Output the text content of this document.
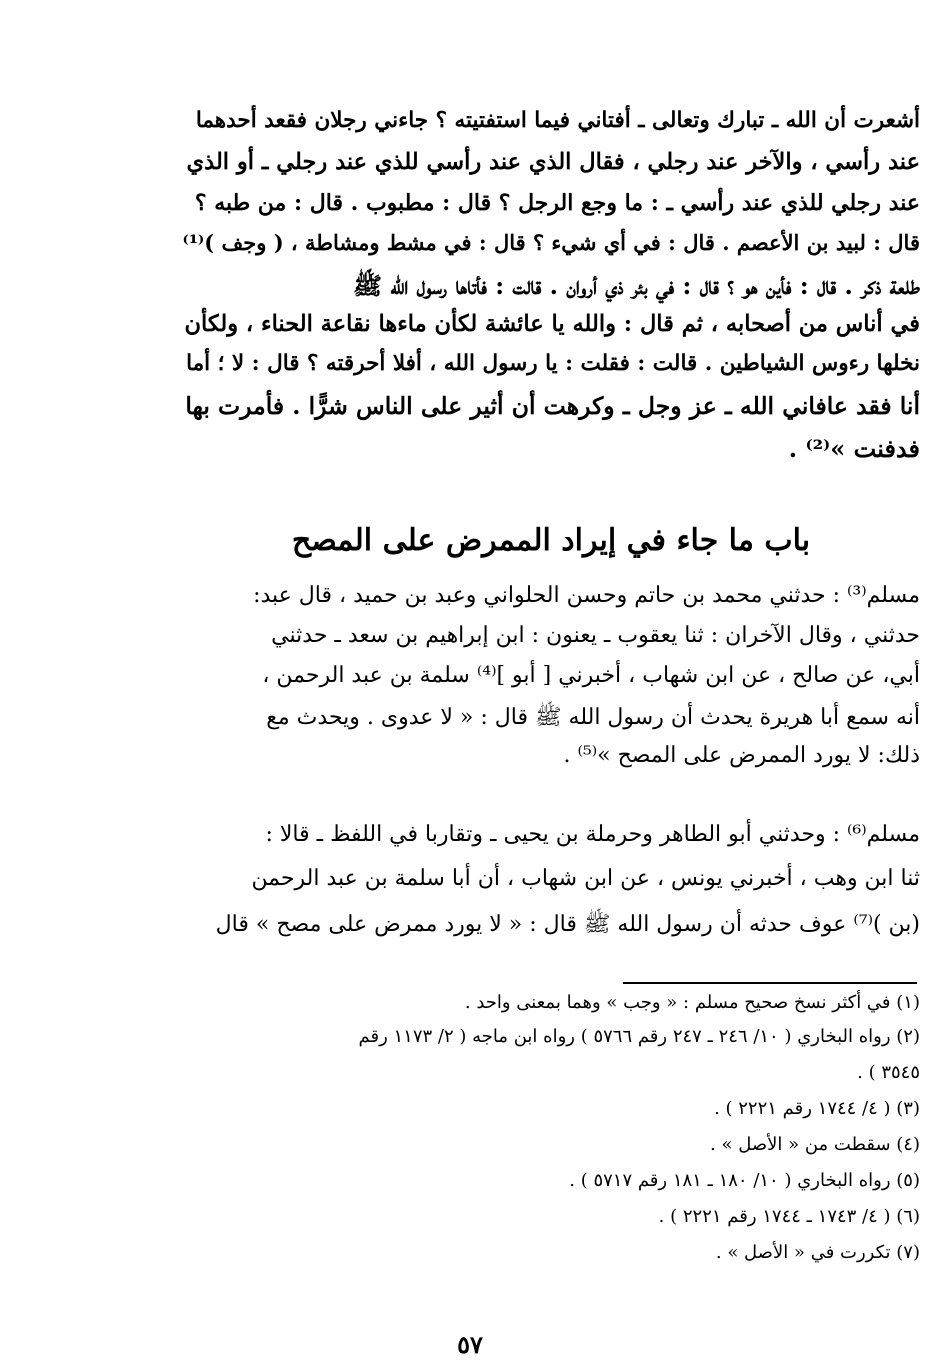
أشعرت أن الله ـ تبارك وتعالى ـ أفتاني فيما استفتيته ؟ جاءني رجلان فقعد أحدهما
عند رأسي ، والآخر عند رجلي ، فقال الذي عند رأسي للذي عند رجلي ـ أو الذي
عند رجلي للذي عند رأسي ـ : ما وجع الرجل ؟ قال : مطبوب . قال : من طبه ؟
قال : لبيد بن الأعصم . قال : في أي شيء ؟ قال : في مشط ومشاطة ، ( وجف )⁽¹⁾
طلعة ذكر . قال : فأين هو ؟ قال : في بئر ذي أروان . قالت : فأتاها رسول الله ﷺ
في أناس من أصحابه ، ثم قال : والله يا عائشة لكأن ماءها نقاعة الحناء ، ولكأن
نخلها رءوس الشياطين . قالت : فقلت : يا رسول الله ، أفلا أحرقته ؟ قال : لا ؛ أما
أنا فقد عافاني الله ـ عز وجل ـ وكرهت أن أثير على الناس شرًّا . فأمرت بها
فدفنت »⁽²⁾ .
باب ما جاء في إيراد الممرض على المصح
مسلم⁽³⁾ : حدثني محمد بن حاتم وحسن الحلواني وعبد بن حميد ، قال عبد:
حدثني ، وقال الآخران : ثنا يعقوب ـ يعنون : ابن إبراهيم بن سعد ـ حدثني
أبي، عن صالح ، عن ابن شهاب ، أخبرني [ أبو ]⁽⁴⁾ سلمة بن عبد الرحمن ،
أنه سمع أبا هريرة يحدث أن رسول الله ﷺ قال : « لا عدوى . ويحدث مع
ذلك: لا يورد الممرض على المصح »⁽⁵⁾ .
مسلم⁽⁶⁾ : وحدثني أبو الطاهر وحرملة بن يحيى ـ وتقاربا في اللفظ ـ قالا :
ثنا ابن وهب ، أخبرني يونس ، عن ابن شهاب ، أن أبا سلمة بن عبد الرحمن
(بن )⁽⁷⁾ عوف حدثه أن رسول الله ﷺ قال : « لا يورد ممرض على مصح » قال
(١) في أكثر نسخ صحيح مسلم : « وجب » وهما بمعنى واحد .
(٢) رواه البخاري ( ١٠/ ٢٤٦ ـ ٢٤٧ رقم ٥٧٦٦ ) رواه ابن ماجه ( ٢/ ١١٧٣ رقم
٣٥٤٥ ) .
(٣) ( ٤/ ١٧٤٤ رقم ٢٢٢١ ) .
(٤) سقطت من « الأصل » .
(٥) رواه البخاري ( ١٠/ ١٨٠ ـ ١٨١ رقم ٥٧١٧ ) .
(٦) ( ٤/ ١٧٤٣ ـ ١٧٤٤ رقم ٢٢٢١ ) .
(٧) تكررت في « الأصل » .
٥٧
